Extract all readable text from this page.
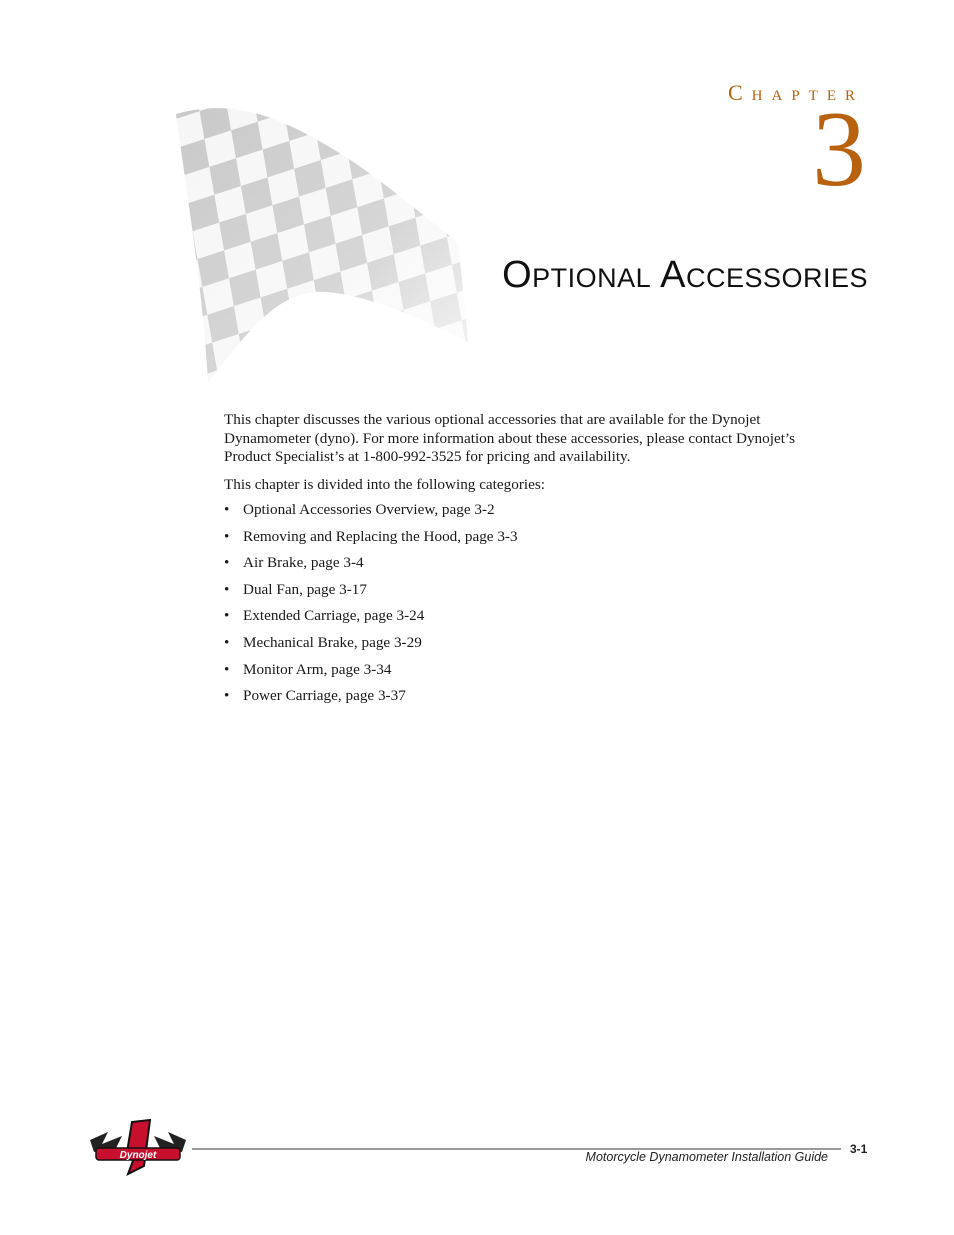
Chapter
3
Optional Accessories

This chapter discusses the various optional accessories that are available for the Dynojet Dynamometer (dyno). For more information about these accessories, please contact Dynojet’s Product Specialist’s at 1-800-992-3525 for pricing and availability.

This chapter is divided into the following categories:

• Optional Accessories Overview, page 3-2
• Removing and Replacing the Hood, page 3-3
• Air Brake, page 3-4
• Dual Fan, page 3-17
• Extended Carriage, page 3-24
• Mechanical Brake, page 3-29
• Monitor Arm, page 3-34
• Power Carriage, page 3-37
Dynojet	Motorcycle Dynamometer Installation Guide
3-1
